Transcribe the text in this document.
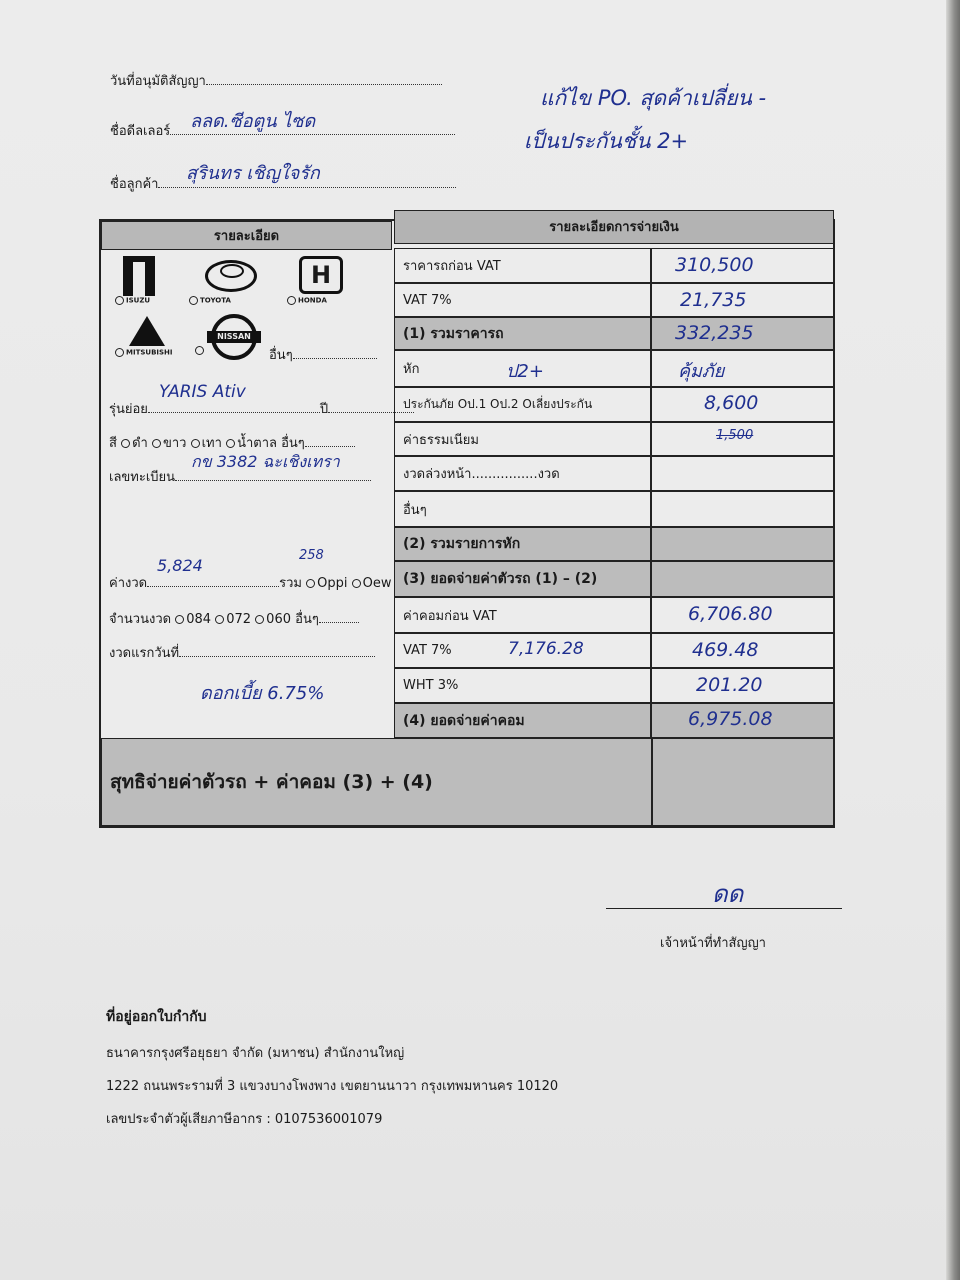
วันที่อนุมัติสัญญา
ชื่อดีลเลอร์	ลลด.ซีอตูน ไซด
ชื่อลูกค้า
สุรินทร เชิญใจรัก
แก้ไข PO. สุดค้าเปลี่ยน -
เป็นประกันชั้น 2+
รายละเอียด
รายละเอียดการจ่ายเงิน
ISUZU	TOYOTA
H
HONDA
MITSUBISHI
NISSAN
อื่นๆ
รุ่นย่อย	ปี
YARIS Ativ
สี ดำ ขาว เทา น้ำตาล อื่นๆ
เลขทะเบียน
กข 3382 ฉะเชิงเทรา
ค่างวด	รวม Oppi Oew
5,824
258
จำนวนงวด 084 072 060 อื่นๆ
งวดแรกวันที่
ดอกเบี้ย 6.75%
ราคารถก่อน VAT	310,500
VAT 7%	21,735
(1) รวมราคารถ	332,235
หัก	ป2+	คุ้มภัย
ประกันภัย Oป.1 Oป.2 Oเลี่ยงประกัน	8,600
ค่าธรรมเนียม	1,500
งวดล่วงหน้า................งวด
อื่นๆ
(2) รวมรายการหัก
(3) ยอดจ่ายค่าตัวรถ (1) – (2)
ค่าคอมก่อน VAT	6,706.80
VAT 7%	7,176.28	469.48
WHT 3%	201.20
(4) ยอดจ่ายค่าคอม	6,975.08
สุทธิจ่ายค่าตัวรถ + ค่าคอม (3) + (4)
ดด
เจ้าหน้าที่ทำสัญญา
ที่อยู่ออกใบกำกับ
ธนาคารกรุงศรีอยุธยา จำกัด (มหาชน) สำนักงานใหญ่
1222 ถนนพระรามที่ 3 แขวงบางโพงพาง เขตยานนาวา กรุงเทพมหานคร 10120
เลขประจำตัวผู้เสียภาษีอากร : 0107536001079
